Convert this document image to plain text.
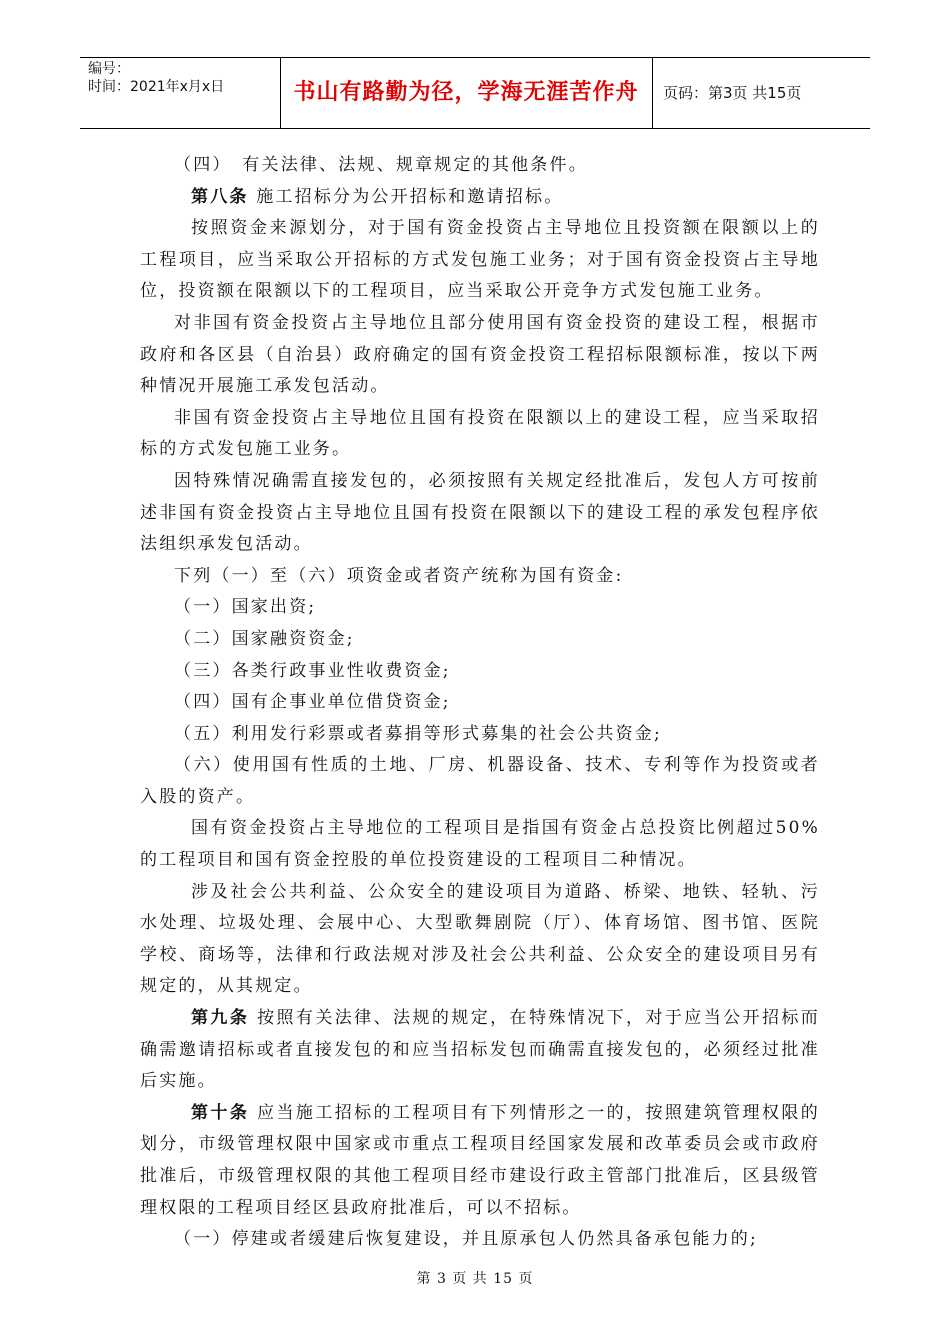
编号：
时间：2021年x月x日	书山有路勤为径，学海无涯苦作舟	页码：第3页 共15页

（四）　有关法律、法规、规章规定的其他条件。

第八条 施工招标分为公开招标和邀请招标。

按照资金来源划分，对于国有资金投资占主导地位且投资额在限额以上的工程项目，应当采取公开招标的方式发包施工业务；对于国有资金投资占主导地位，投资额在限额以下的工程项目，应当采取公开竞争方式发包施工业务。

对非国有资金投资占主导地位且部分使用国有资金投资的建设工程，根据市政府和各区县（自治县）政府确定的国有资金投资工程招标限额标准，按以下两种情况开展施工承发包活动。

非国有资金投资占主导地位且国有投资在限额以上的建设工程，应当采取招标的方式发包施工业务。

因特殊情况确需直接发包的，必须按照有关规定经批准后，发包人方可按前述非国有资金投资占主导地位且国有投资在限额以下的建设工程的承发包程序依法组织承发包活动。

下列（一）至（六）项资金或者资产统称为国有资金:

（一）国家出资;

（二）国家融资资金;

（三）各类行政事业性收费资金;

（四）国有企事业单位借贷资金;

（五）利用发行彩票或者募捐等形式募集的社会公共资金;

（六）使用国有性质的土地、厂房、机器设备、技术、专利等作为投资或者入股的资产。

国有资金投资占主导地位的工程项目是指国有资金占总投资比例超过50%的工程项目和国有资金控股的单位投资建设的工程项目二种情况。

涉及社会公共利益、公众安全的建设项目为道路、桥梁、地铁、轻轨、污水处理、垃圾处理、会展中心、大型歌舞剧院（厅）、体育场馆、图书馆、医院学校、商场等，法律和行政法规对涉及社会公共利益、公众安全的建设项目另有规定的，从其规定。

第九条 按照有关法律、法规的规定，在特殊情况下，对于应当公开招标而确需邀请招标或者直接发包的和应当招标发包而确需直接发包的，必须经过批准后实施。

第十条 应当施工招标的工程项目有下列情形之一的，按照建筑管理权限的划分，市级管理权限中国家或市重点工程项目经国家发展和改革委员会或市政府批准后，市级管理权限的其他工程项目经市建设行政主管部门批准后，区县级管理权限的工程项目经区县政府批准后，可以不招标。

（一）停建或者缓建后恢复建设，并且原承包人仍然具备承包能力的;

第 3 页 共 15 页
